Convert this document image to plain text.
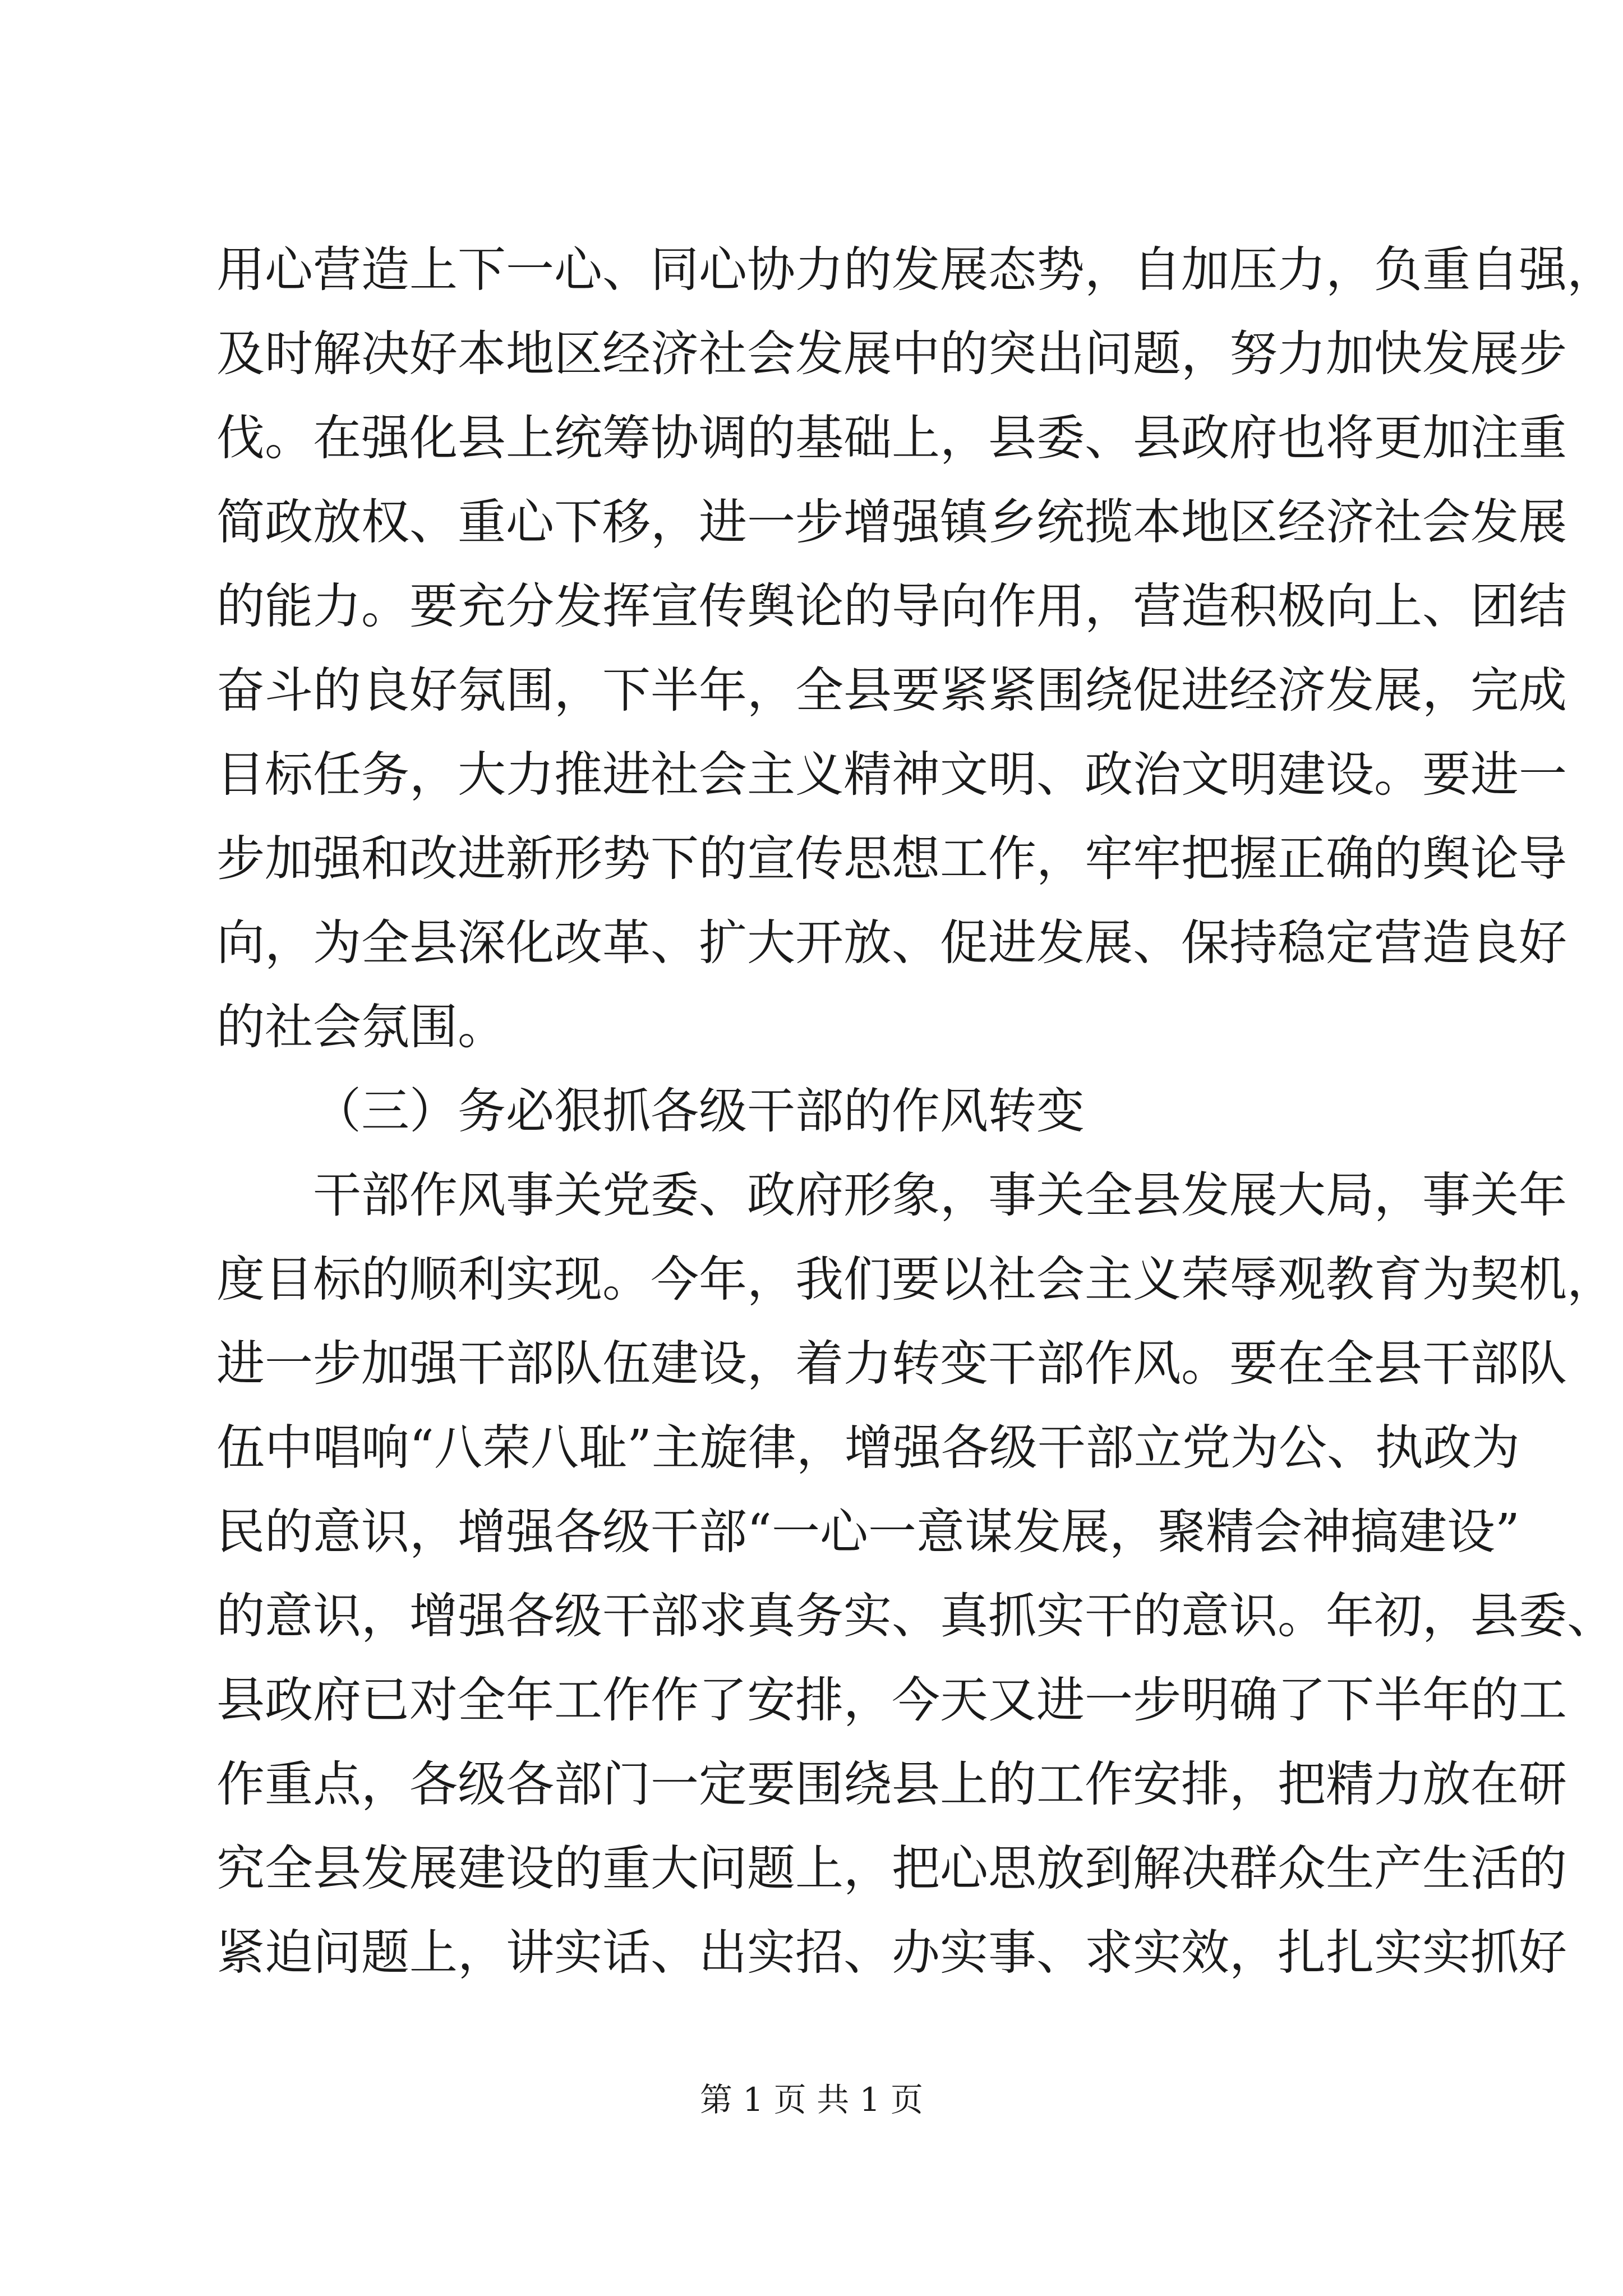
用心营造上下一心、同心协力的发展态势，自加压力，负重自强，
及时解决好本地区经济社会发展中的突出问题，努力加快发展步
伐。在强化县上统筹协调的基础上，县委、县政府也将更加注重
简政放权、重心下移，进一步增强镇乡统揽本地区经济社会发展
的能力。要充分发挥宣传舆论的导向作用，营造积极向上、团结
奋斗的良好氛围，下半年，全县要紧紧围绕促进经济发展，完成
目标任务，大力推进社会主义精神文明、政治文明建设。要进一
步加强和改进新形势下的宣传思想工作，牢牢把握正确的舆论导
向，为全县深化改革、扩大开放、促进发展、保持稳定营造良好
的社会氛围。
（三）务必狠抓各级干部的作风转变
干部作风事关党委、政府形象，事关全县发展大局，事关年
度目标的顺利实现。今年，我们要以社会主义荣辱观教育为契机，
进一步加强干部队伍建设，着力转变干部作风。要在全县干部队
伍中唱响“八荣八耻”主旋律，增强各级干部立党为公、执政为
民的意识，增强各级干部“一心一意谋发展，聚精会神搞建设”
的意识，增强各级干部求真务实、真抓实干的意识。年初，县委、
县政府已对全年工作作了安排，今天又进一步明确了下半年的工
作重点，各级各部门一定要围绕县上的工作安排，把精力放在研
究全县发展建设的重大问题上，把心思放到解决群众生产生活的
紧迫问题上，讲实话、出实招、办实事、求实效，扎扎实实抓好
第 1 页 共 1 页
